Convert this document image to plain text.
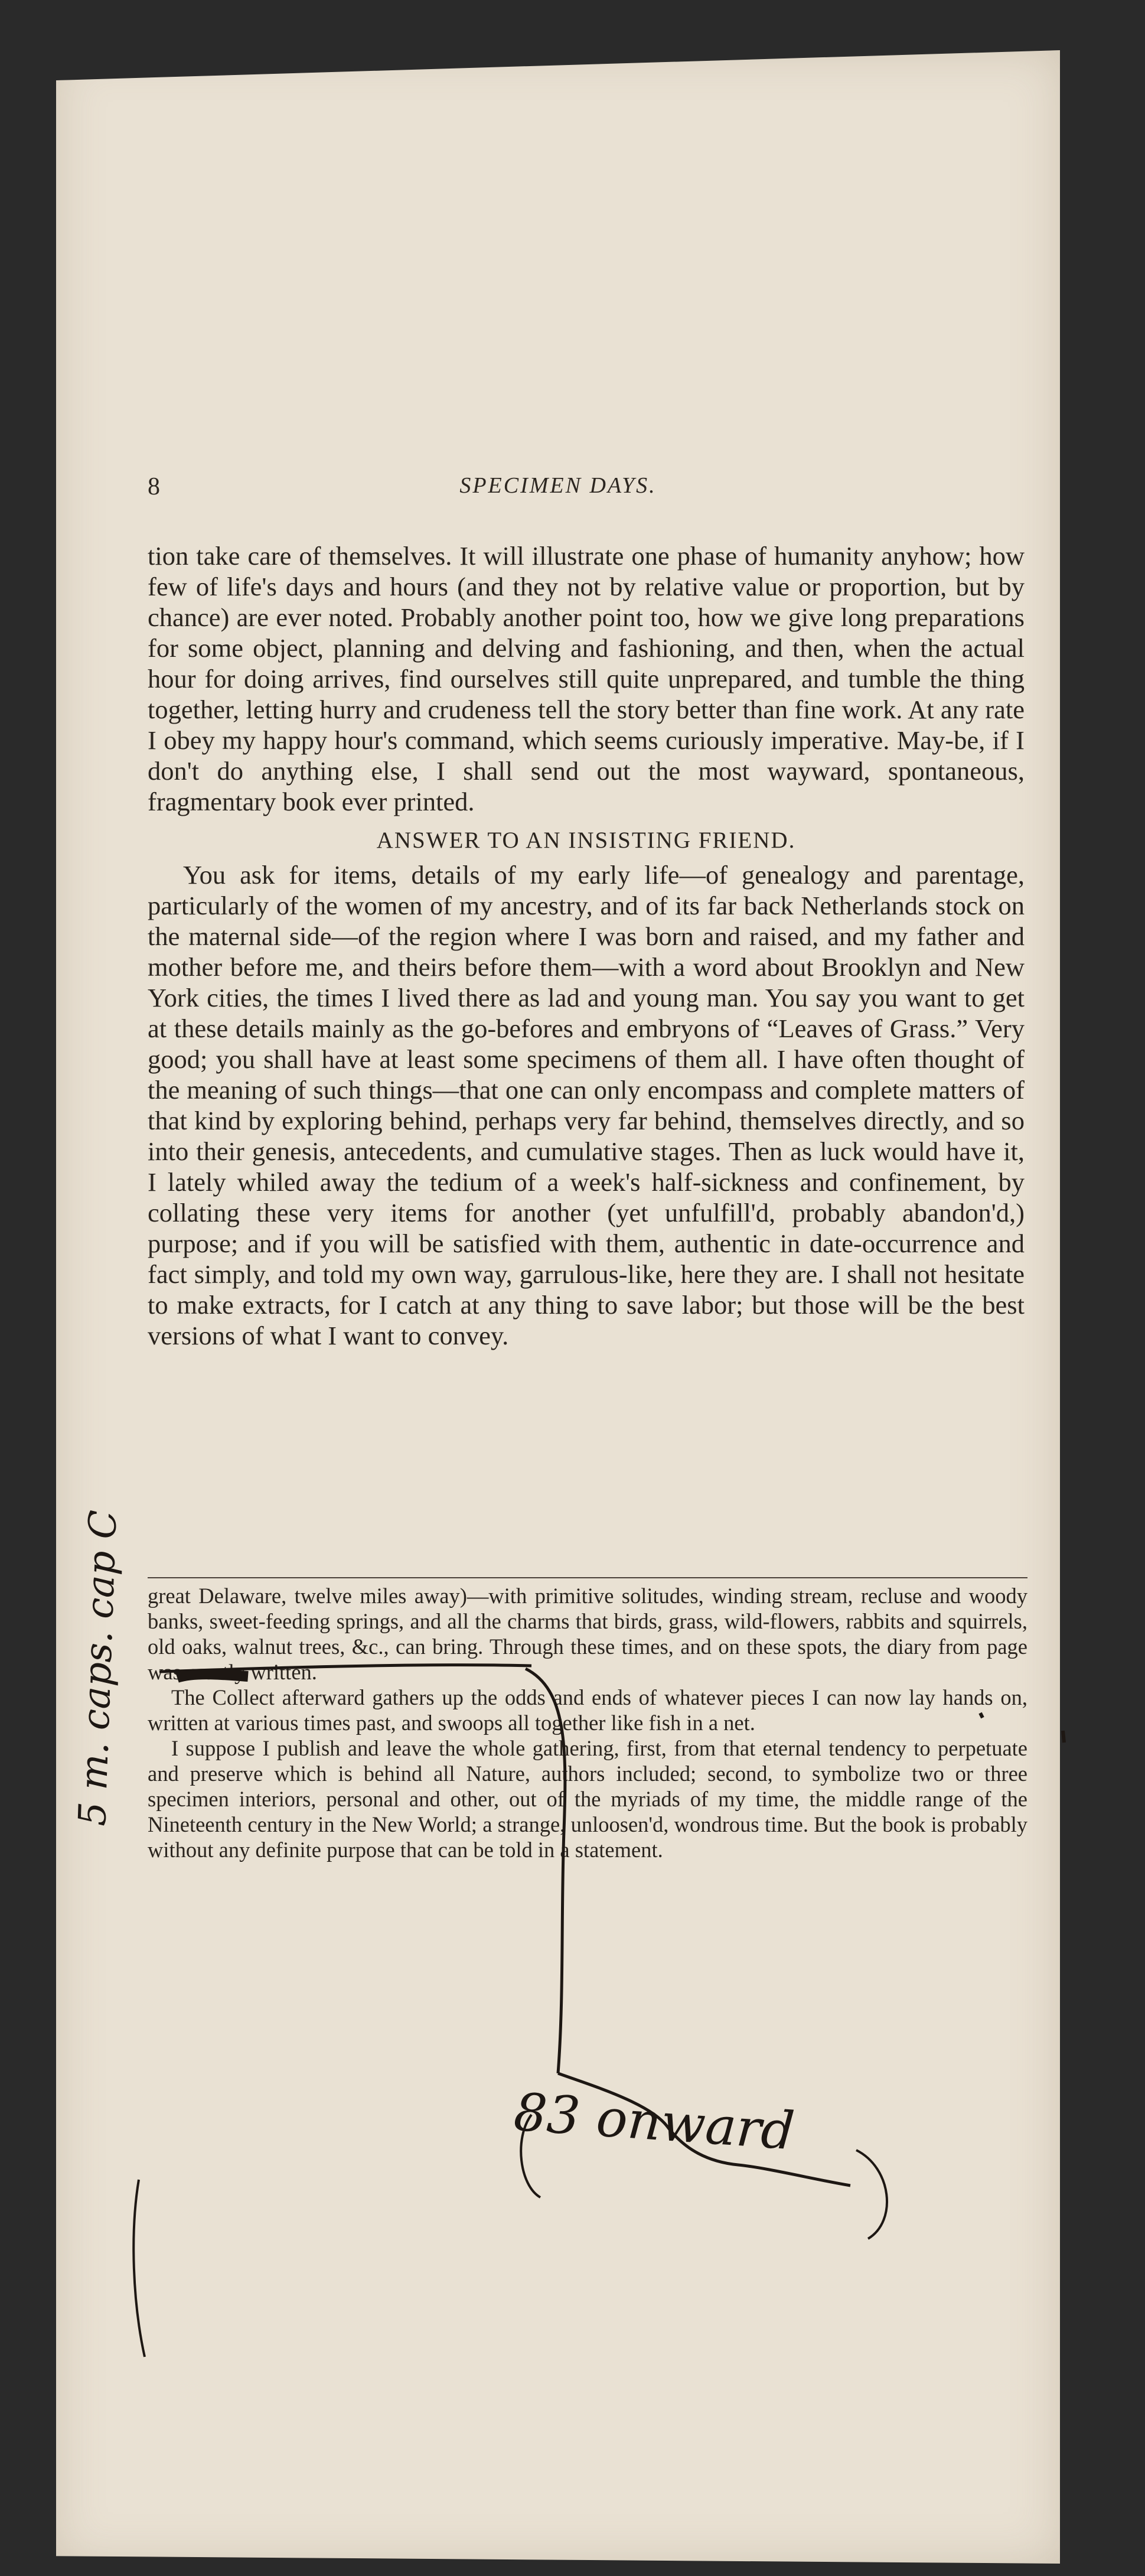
8	SPECIMEN DAYS.

tion take care of themselves. It will illustrate one phase of humanity anyhow; how few of life's days and hours (and they not by relative value or proportion, but by chance) are ever noted. Probably another point too, how we give long preparations for some object, planning and delving and fashioning, and then, when the actual hour for doing arrives, find ourselves still quite unprepared, and tumble the thing together, letting hurry and crudeness tell the story better than fine work. At any rate I obey my happy hour's command, which seems curiously imperative. May-be, if I don't do anything else, I shall send out the most wayward, spontaneous, fragmentary book ever printed.

ANSWER TO AN INSISTING FRIEND.

You ask for items, details of my early life—of genealogy and parentage, particularly of the women of my ancestry, and of its far back Netherlands stock on the maternal side—of the region where I was born and raised, and my father and mother before me, and theirs before them—with a word about Brooklyn and New York cities, the times I lived there as lad and young man. You say you want to get at these details mainly as the go-befores and embryons of “Leaves of Grass.” Very good; you shall have at least some specimens of them all. I have often thought of the meaning of such things—that one can only encompass and complete matters of that kind by exploring behind, perhaps very far behind, themselves directly, and so into their genesis, antecedents, and cumulative stages. Then as luck would have it, I lately whiled away the tedium of a week's half-sickness and confinement, by collating these very items for another (yet unfulfill'd, probably abandon'd,) purpose; and if you will be satisfied with them, authentic in date-occurrence and fact simply, and told my own way, garrulous-like, here they are. I shall not hesitate to make extracts, for I catch at any thing to save labor; but those will be the best versions of what I want to convey.

great Delaware, twelve miles away)—with primitive solitudes, winding stream, recluse and woody banks, sweet-feeding springs, and all the charms that birds, grass, wild-flowers, rabbits and squirrels, old oaks, walnut trees, &c., can bring. Through these times, and on these spots, the diary from page was mostly written.

The Collect afterward gathers up the odds and ends of whatever pieces I can now lay hands on, written at various times past, and swoops all together like fish in a net.

I suppose I publish and leave the whole gathering, first, from that eternal tendency to perpetuate and preserve which is behind all Nature, authors included; second, to symbolize two or three specimen interiors, personal and other, out of the myriads of my time, the middle range of the Nineteenth century in the New World; a strange, unloosen'd, wondrous time. But the book is probably without any definite purpose that can be told in a statement.

83 onward
